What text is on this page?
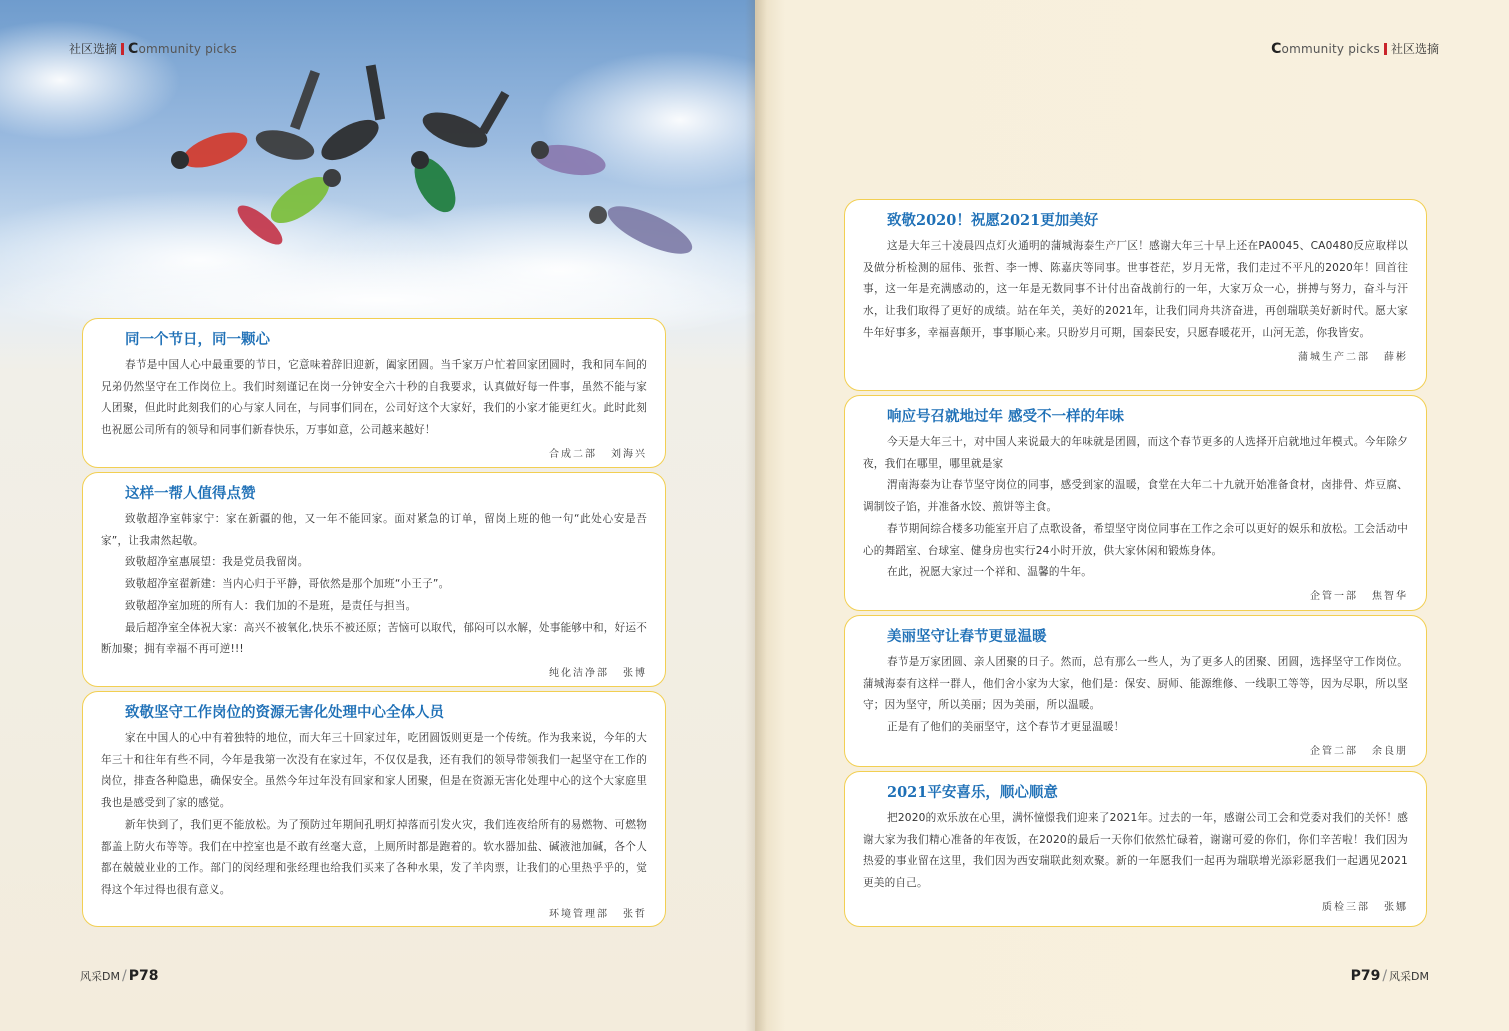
社区选摘 Community picks
同一个节日，同一颗心

春节是中国人心中最重要的节日，它意味着辞旧迎新，阖家团圆。当千家万户忙着回家团圆时，我和同车间的兄弟仍然坚守在工作岗位上。我们时刻谨记在岗一分钟安全六十秒的自我要求，认真做好每一件事，虽然不能与家人团聚，但此时此刻我们的心与家人同在，与同事们同在，公司好这个大家好，我们的小家才能更红火。此时此刻也祝愿公司所有的领导和同事们新春快乐，万事如意，公司越来越好！

合成二部 刘海兴
这样一帮人值得点赞

致敬超净室韩家宁：家在新疆的他，又一年不能回家。面对紧急的订单，留岗上班的他一句“此处心安是吾家”，让我肃然起敬。

致敬超净室惠展望：我是党员我留岗。

致敬超净室翟新建：当内心归于平静，哥依然是那个加班“小王子”。

致敬超净室加班的所有人：我们加的不是班，是责任与担当。

最后超净室全体祝大家：高兴不被氧化,快乐不被还原；苦恼可以取代，郁闷可以水解，处事能够中和，好运不断加聚；拥有幸福不再可逆!!!

纯化洁净部 张博
致敬坚守工作岗位的资源无害化处理中心全体人员

家在中国人的心中有着独特的地位，而大年三十回家过年，吃团圆饭则更是一个传统。作为我来说，今年的大年三十和往年有些不同，今年是我第一次没有在家过年，不仅仅是我，还有我们的领导带领我们一起坚守在工作的岗位，排查各种隐患，确保安全。虽然今年过年没有回家和家人团聚，但是在资源无害化处理中心的这个大家庭里我也是感受到了家的感觉。

新年快到了，我们更不能放松。为了预防过年期间孔明灯掉落而引发火灾，我们连夜给所有的易燃物、可燃物都盖上防火布等等。我们在中控室也是不敢有丝毫大意，上厕所时都是跑着的。软水器加盐、碱液池加碱，各个人都在兢兢业业的工作。部门的闵经理和张经理也给我们买来了各种水果，发了羊肉票，让我们的心里热乎乎的，觉得这个年过得也很有意义。

环境管理部 张哲
风采DM / P78
Community picks 社区选摘
致敬2020！祝愿2021更加美好

这是大年三十凌晨四点灯火通明的蒲城海泰生产厂区！感谢大年三十早上还在PA0045、CA0480反应取样以及做分析检测的屈伟、张哲、李一博、陈嘉庆等同事。世事苍茫，岁月无常，我们走过不平凡的2020年！回首往事，这一年是充满感动的，这一年是无数同事不计付出奋战前行的一年，大家万众一心，拼搏与努力，奋斗与汗水，让我们取得了更好的成绩。站在年关，美好的2021年，让我们同舟共济奋进，再创瑞联美好新时代。愿大家牛年好事多，幸福喜颠开，事事顺心来。只盼岁月可期，国泰民安，只愿春暖花开，山河无恙，你我皆安。

蒲城生产二部 薛彬
响应号召就地过年 感受不一样的年味

今天是大年三十，对中国人来说最大的年味就是团圆，而这个春节更多的人选择开启就地过年模式。今年除夕夜，我们在哪里，哪里就是家

渭南海泰为让春节坚守岗位的同事，感受到家的温暖，食堂在大年二十九就开始准备食材，卤排骨、炸豆腐、调制饺子馅，并准备水饺、煎饼等主食。

春节期间综合楼多功能室开启了点歌设备，希望坚守岗位同事在工作之余可以更好的娱乐和放松。工会活动中心的舞蹈室、台球室、健身房也实行24小时开放，供大家休闲和锻炼身体。

在此，祝愿大家过一个祥和、温馨的牛年。

企管一部 焦智华
美丽坚守让春节更显温暖

春节是万家团圆、亲人团聚的日子。然而，总有那么一些人，为了更多人的团聚、团圆，选择坚守工作岗位。蒲城海泰有这样一群人，他们舍小家为大家，他们是：保安、厨师、能源维修、一线职工等等，因为尽职，所以坚守；因为坚守，所以美丽；因为美丽，所以温暖。

正是有了他们的美丽坚守，这个春节才更显温暖！

企管二部 余良朋
2021平安喜乐，顺心顺意

把2020的欢乐放在心里，满怀憧憬我们迎来了2021年。过去的一年，感谢公司工会和党委对我们的关怀！感谢大家为我们精心准备的年夜饭，在2020的最后一天你们依然忙碌着，谢谢可爱的你们，你们辛苦啦！我们因为热爱的事业留在这里，我们因为西安瑞联此刻欢聚。新的一年愿我们一起再为瑞联增光添彩愿我们一起遇见2021更美的自己。

质检三部 张娜
P79 / 风采DM
